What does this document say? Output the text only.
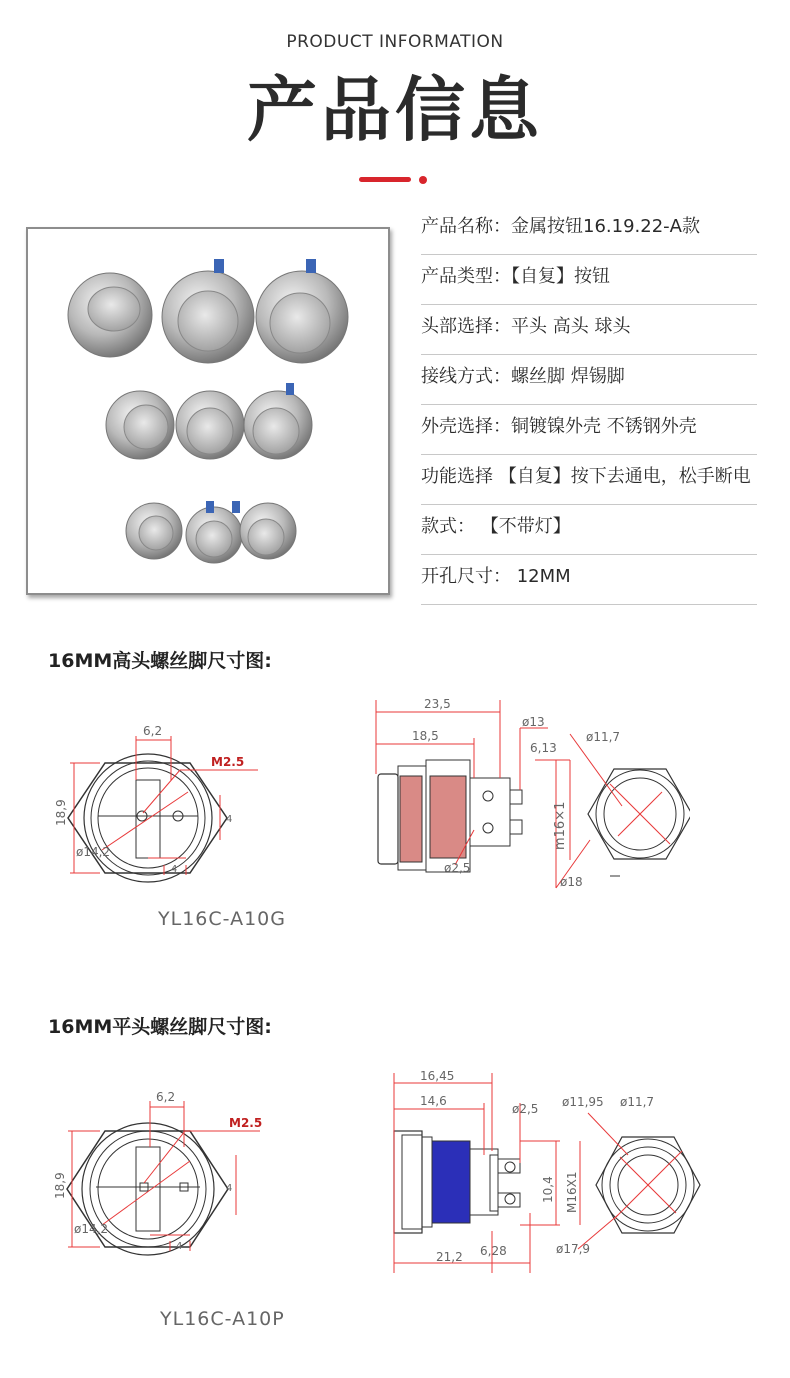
PRODUCT INFORMATION
产品信息
产品名称：金属按钮16.19.22-A款
产品类型：【自复】按钮
头部选择：平头 高头 球头
接线方式：螺丝脚 焊锡脚
外壳选择：铜镀镍外壳 不锈钢外壳
功能选择 【自复】按下去通电，松手断电
款式： 【不带灯】
开孔尺寸： 12MM
16MM高头螺丝脚尺寸图:
6,2
M2.5
18,9
ø14,2
4
4
YL16C-A10G
23,5
18,5
ø13
6,13
ø11,7
m16×1
ø2,5
ø18
16MM平头螺丝脚尺寸图:
6,2
M2.5
18,9
ø14,2
4
4
YL16C-A10P
16,45
14,6
ø2,5 ø11,95 ø11,7
10,4 M16X1
6,28
21,2
ø17,9
